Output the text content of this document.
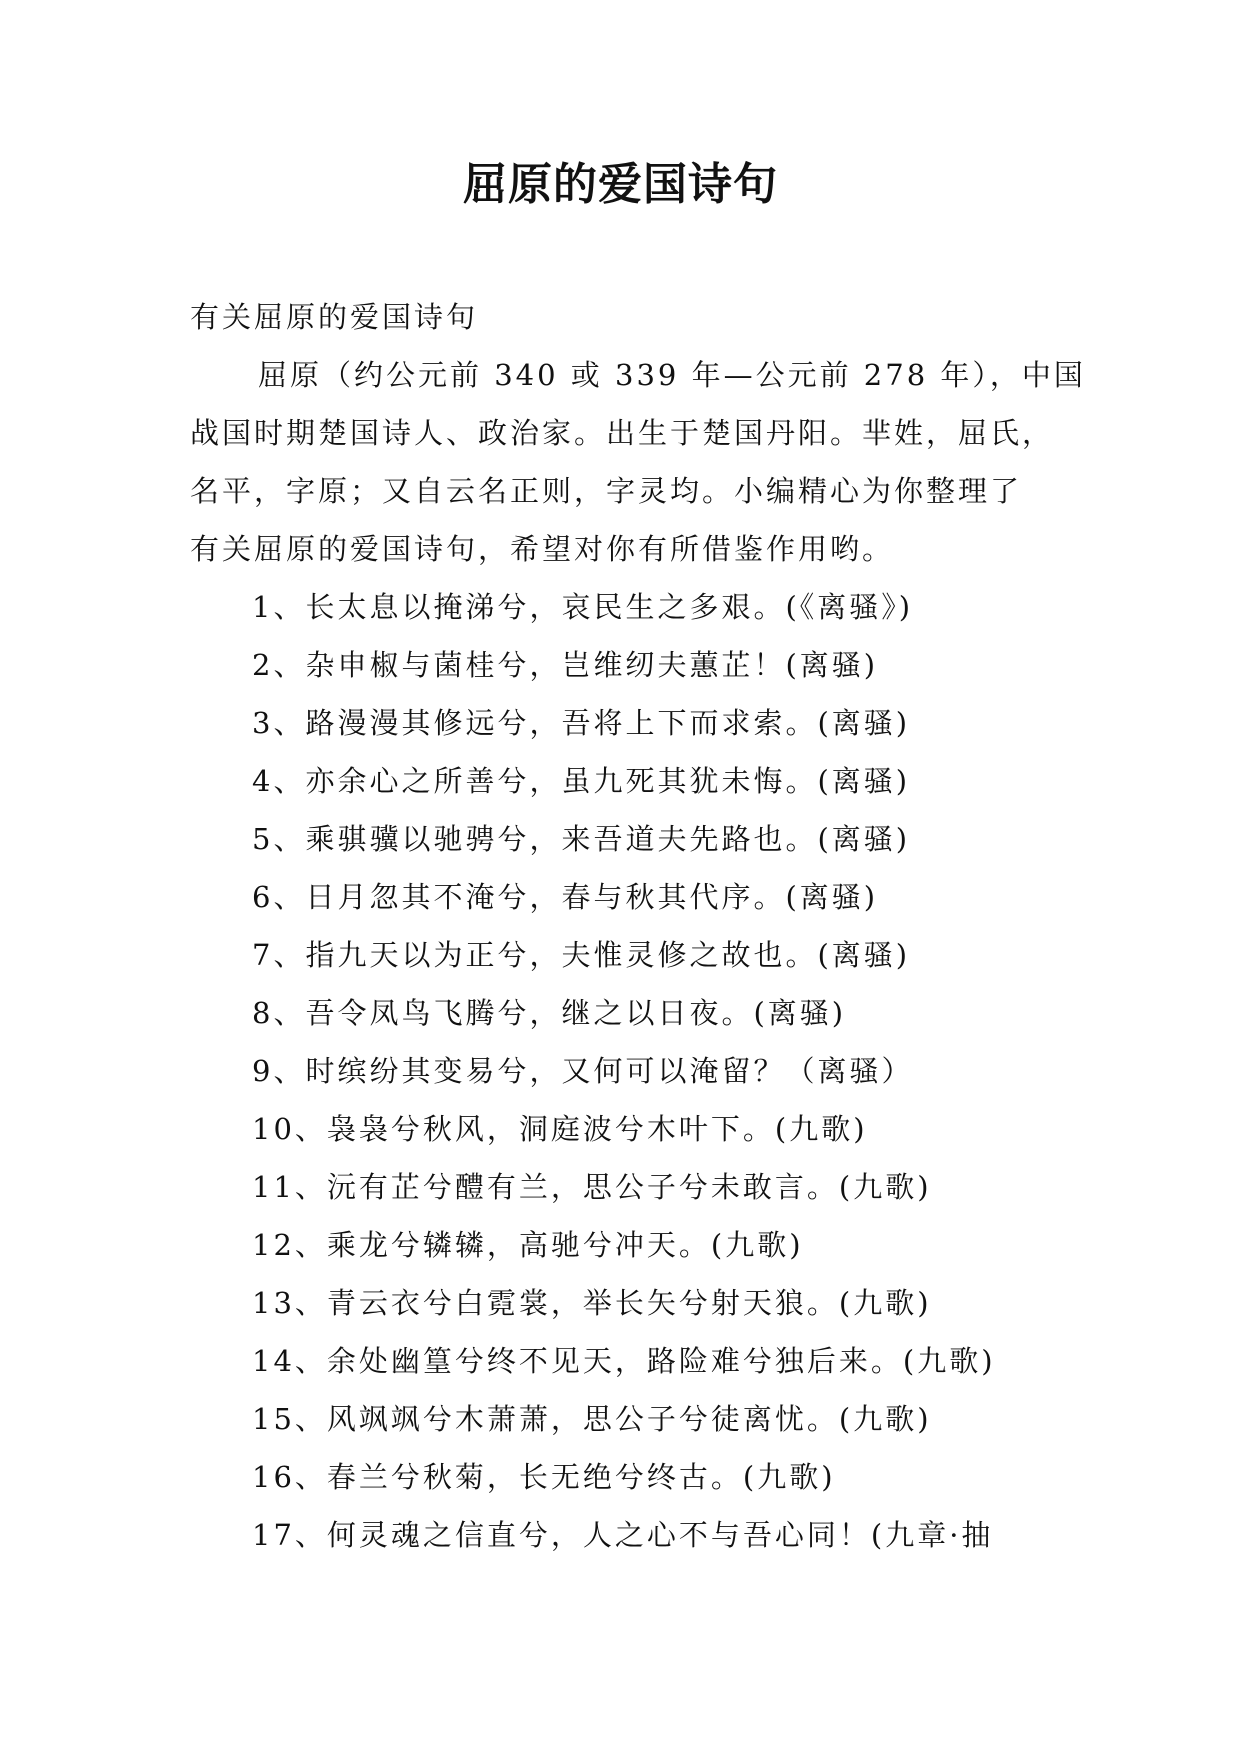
屈原的爱国诗句

有关屈原的爱国诗句

屈原（约公元前 340 或 339 年—公元前 278 年），中国

战国时期楚国诗人、政治家。出生于楚国丹阳。芈姓，屈氏，

名平，字原；又自云名正则，字灵均。小编精心为你整理了

有关屈原的爱国诗句，希望对你有所借鉴作用哟。

1、长太息以掩涕兮，哀民生之多艰。(《离骚》)
2、杂申椒与菌桂兮，岂维纫夫蕙芷！(离骚)
3、路漫漫其修远兮，吾将上下而求索。(离骚)
4、亦余心之所善兮，虽九死其犹未悔。(离骚)
5、乘骐骥以驰骋兮，来吾道夫先路也。(离骚)
6、日月忽其不淹兮，春与秋其代序。(离骚)
7、指九天以为正兮，夫惟灵修之故也。(离骚)
8、吾令凤鸟飞腾兮，继之以日夜。(离骚)
9、时缤纷其变易兮，又何可以淹留？（离骚）
10、袅袅兮秋风，洞庭波兮木叶下。(九歌)
11、沅有芷兮醴有兰，思公子兮未敢言。(九歌)
12、乘龙兮辚辚，高驰兮冲天。(九歌)
13、青云衣兮白霓裳，举长矢兮射天狼。(九歌)
14、余处幽篁兮终不见天，路险难兮独后来。(九歌)
15、风飒飒兮木萧萧，思公子兮徒离忧。(九歌)
16、春兰兮秋菊，长无绝兮终古。(九歌)
17、何灵魂之信直兮，人之心不与吾心同！(九章·抽
